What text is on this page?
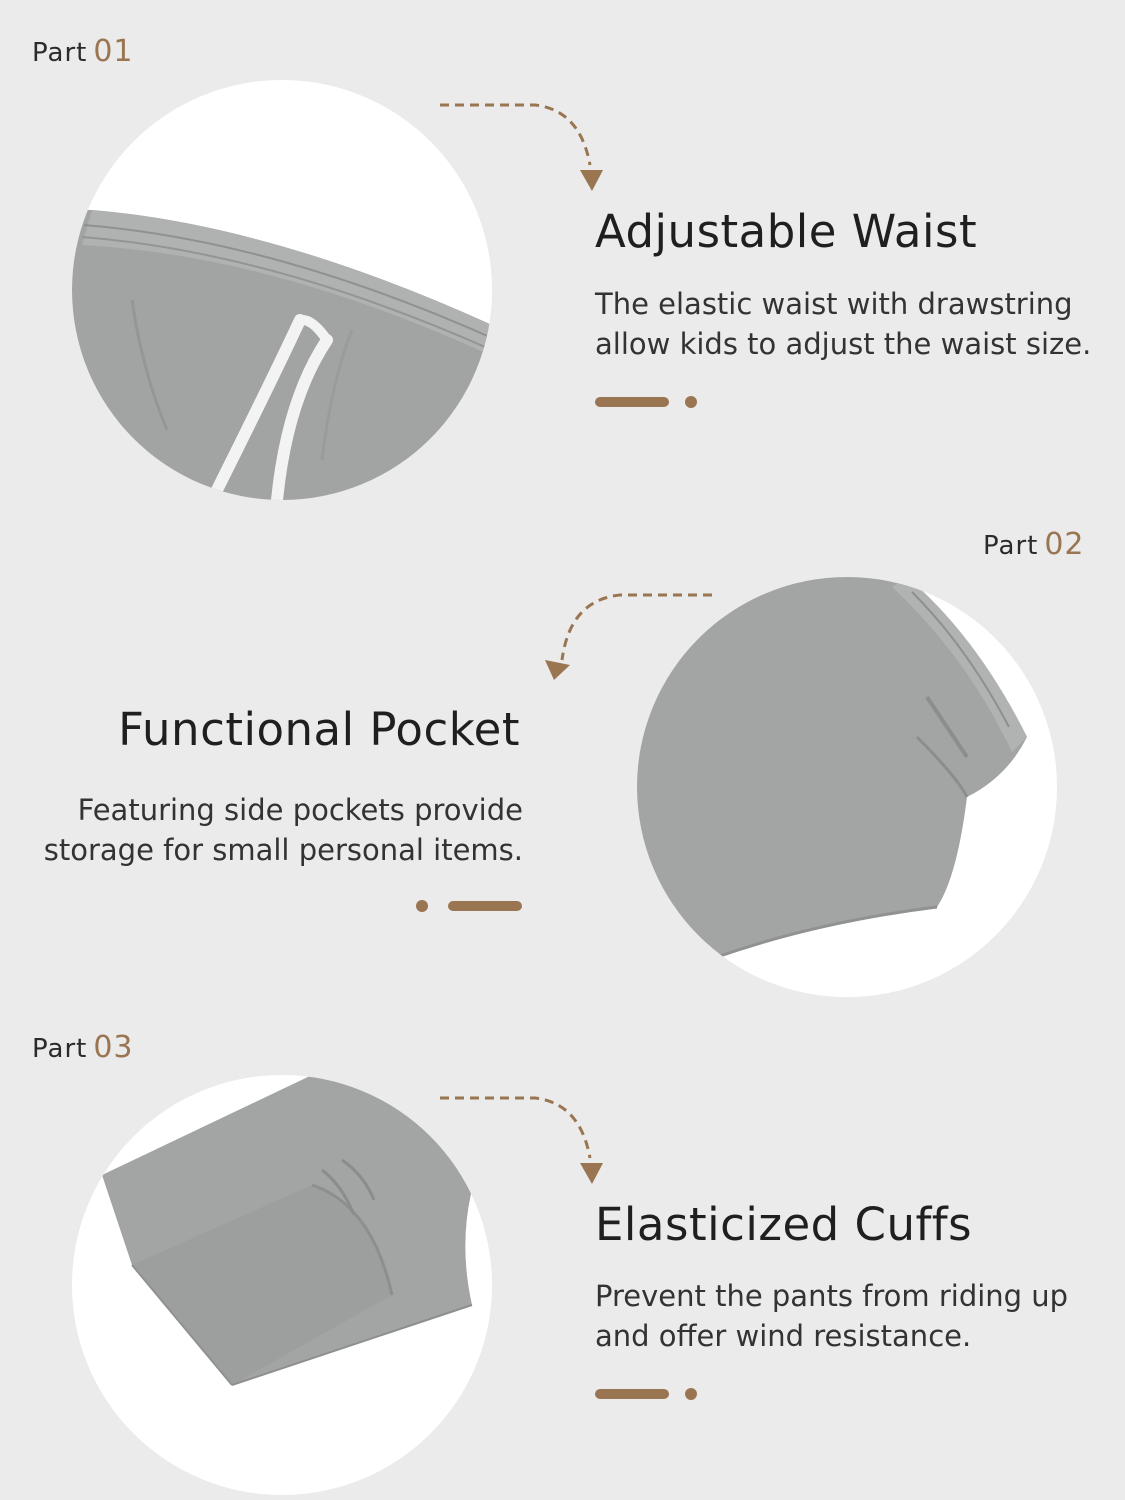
Part 01
Adjustable Waist
The elastic waist with drawstring
allow kids to adjust the waist size.
Part 02
Functional Pocket
Featuring side pockets provide
storage for small personal items.
Part 03
Elasticized Cuffs
Prevent the pants from riding up
and offer wind resistance.
